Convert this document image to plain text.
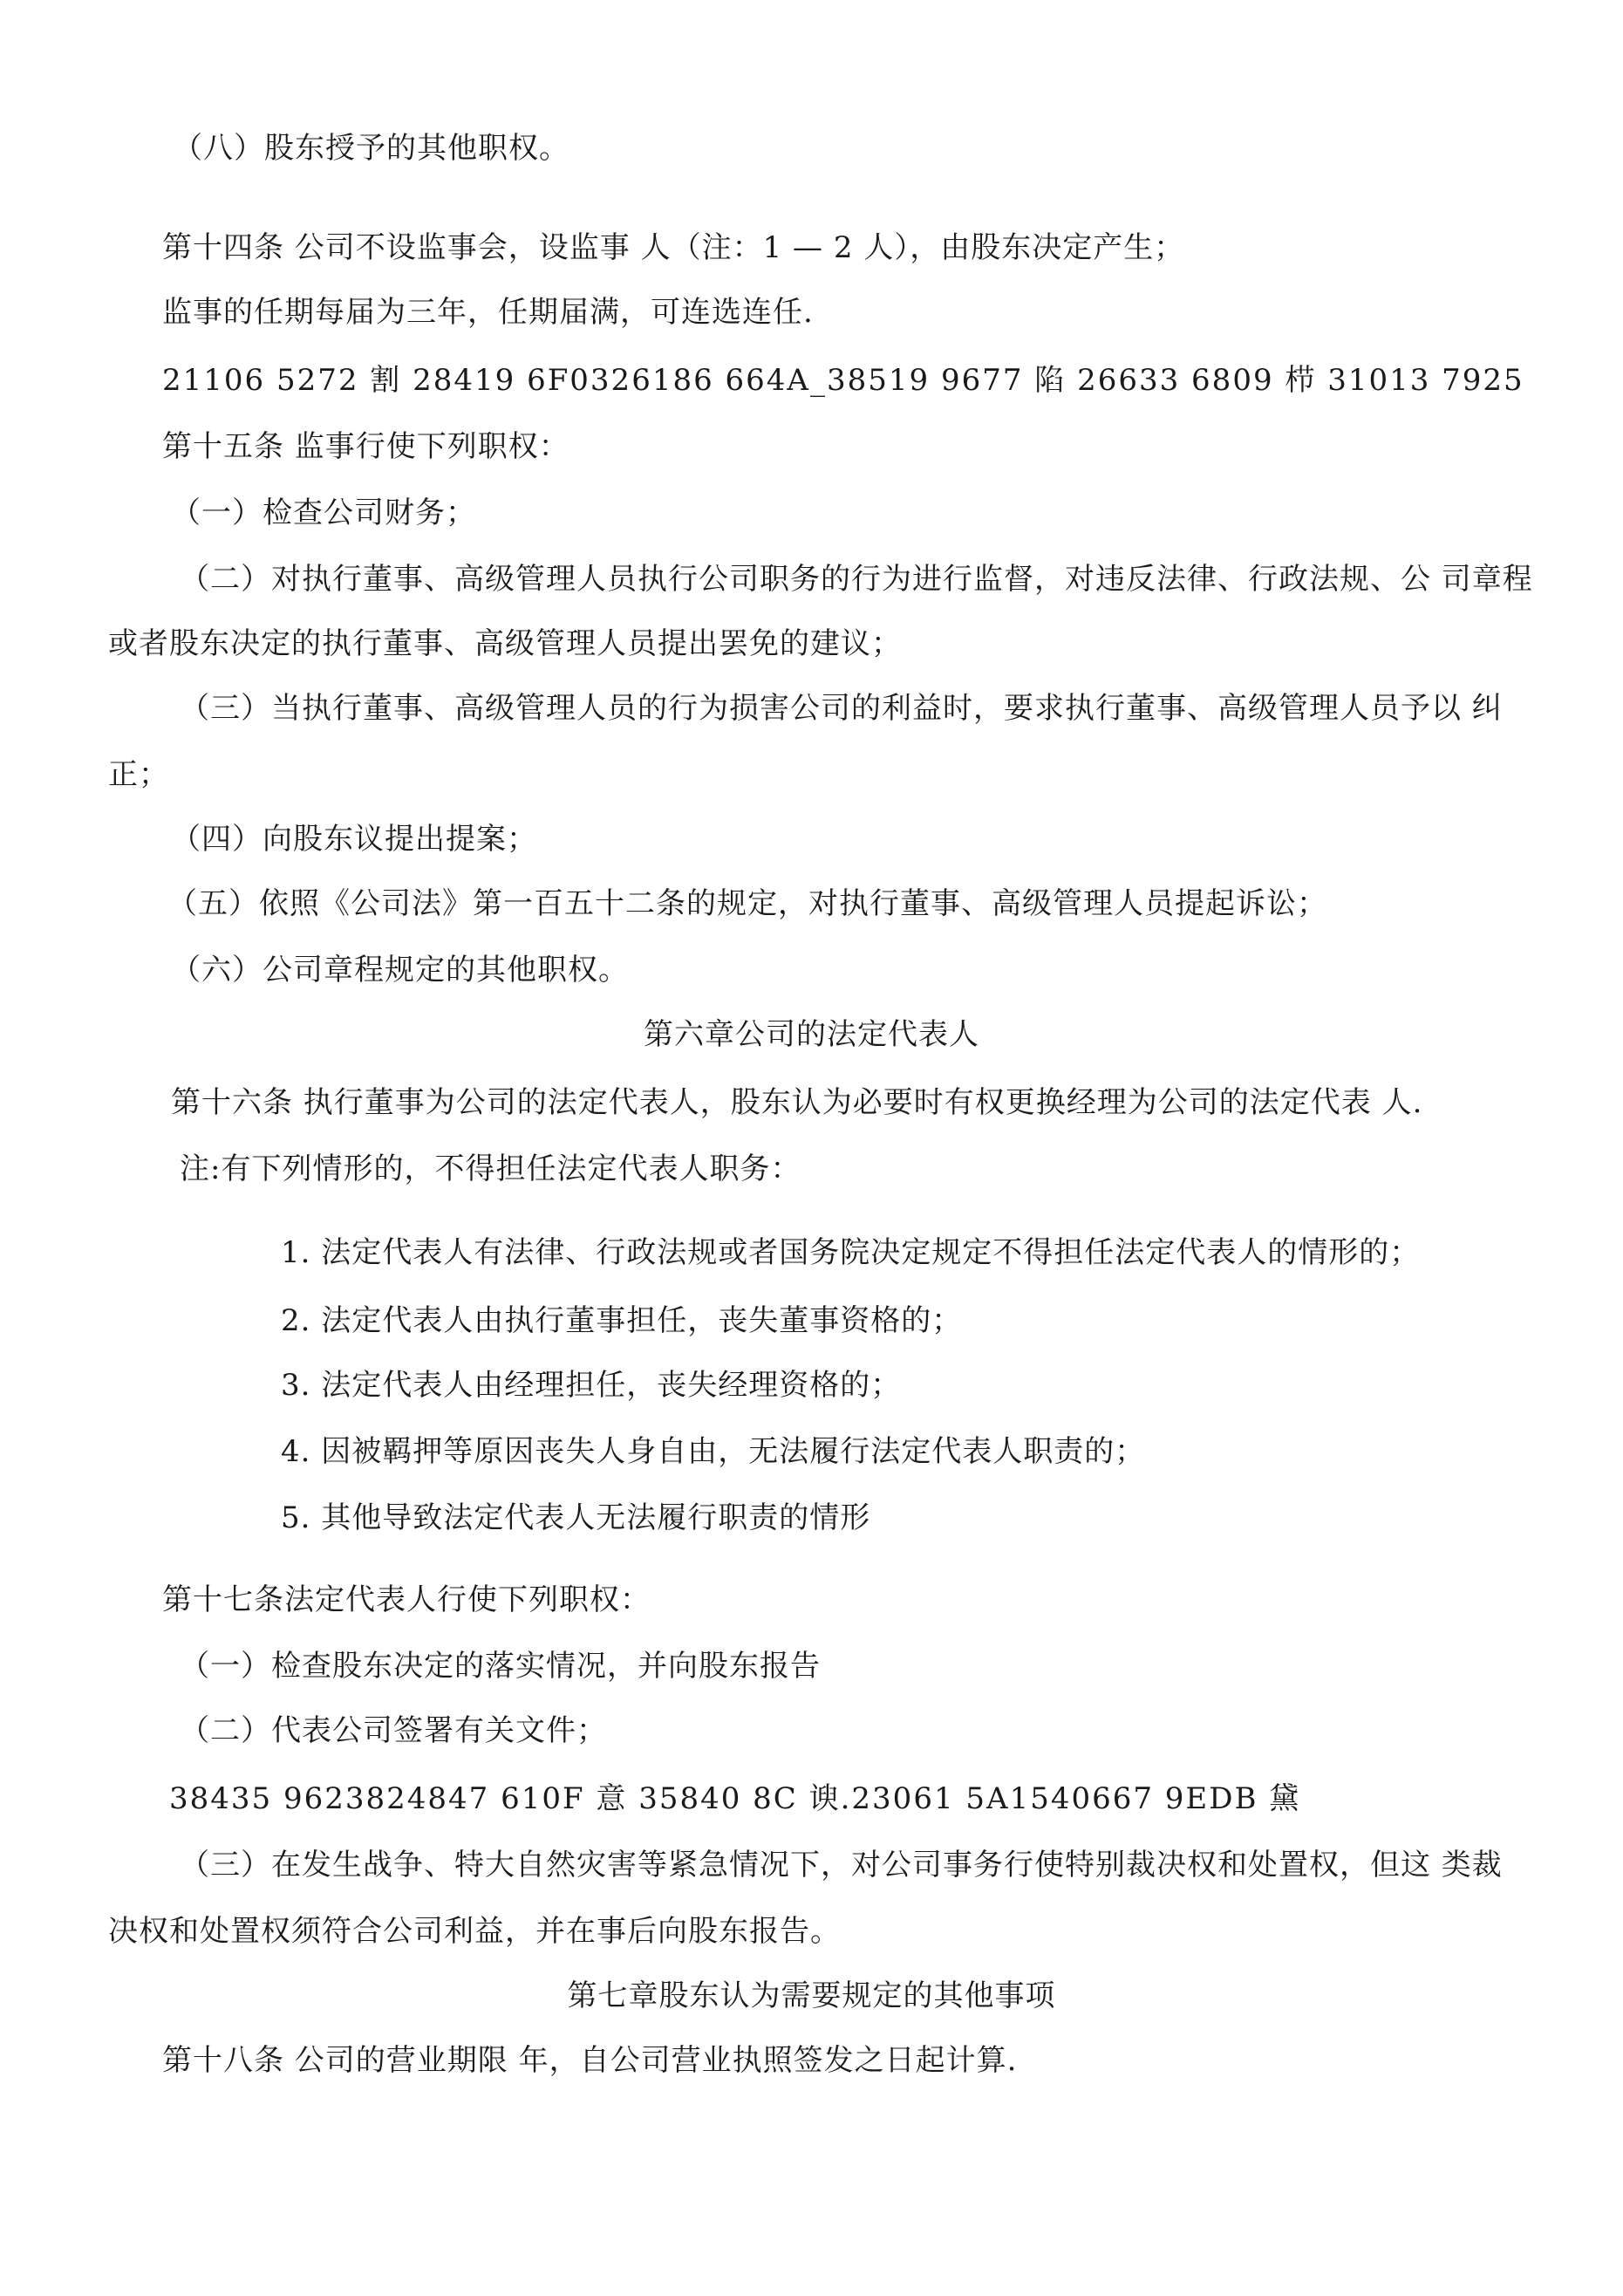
（八）股东授予的其他职权。
第十四条 公司不设监事会，设监事 人（注：1 — 2 人），由股东决定产生；
监事的任期每届为三年，任期届满，可连选连任.
21106 5272 割 28419 6F0326186 664A_38519 9677 陷 26633 6809 栉 31013 7925
第十五条 监事行使下列职权：
（一）检查公司财务；
（二）对执行董事、高级管理人员执行公司职务的行为进行监督，对违反法律、行政法规、公 司章程
或者股东决定的执行董事、高级管理人员提出罢免的建议；
（三）当执行董事、高级管理人员的行为损害公司的利益时，要求执行董事、高级管理人员予以 纠
正；
（四）向股东议提出提案；
（五）依照《公司法》第一百五十二条的规定，对执行董事、高级管理人员提起诉讼；
（六）公司章程规定的其他职权。
第六章公司的法定代表人
第十六条 执行董事为公司的法定代表人，股东认为必要时有权更换经理为公司的法定代表 人.
注:有下列情形的，不得担任法定代表人职务：
1. 法定代表人有法律、行政法规或者国务院决定规定不得担任法定代表人的情形的；
2. 法定代表人由执行董事担任，丧失董事资格的；
3. 法定代表人由经理担任，丧失经理资格的；
4. 因被羁押等原因丧失人身自由，无法履行法定代表人职责的；
5. 其他导致法定代表人无法履行职责的情形
第十七条法定代表人行使下列职权：
（一）检查股东决定的落实情况，并向股东报告
（二）代表公司签署有关文件；
38435 9623824847 610F 意 35840 8C 谀.23061 5A1540667 9EDB 黛
（三）在发生战争、特大自然灾害等紧急情况下，对公司事务行使特别裁决权和处置权，但这 类裁
决权和处置权须符合公司利益，并在事后向股东报告。
第七章股东认为需要规定的其他事项
第十八条 公司的营业期限 年，自公司营业执照签发之日起计算.
